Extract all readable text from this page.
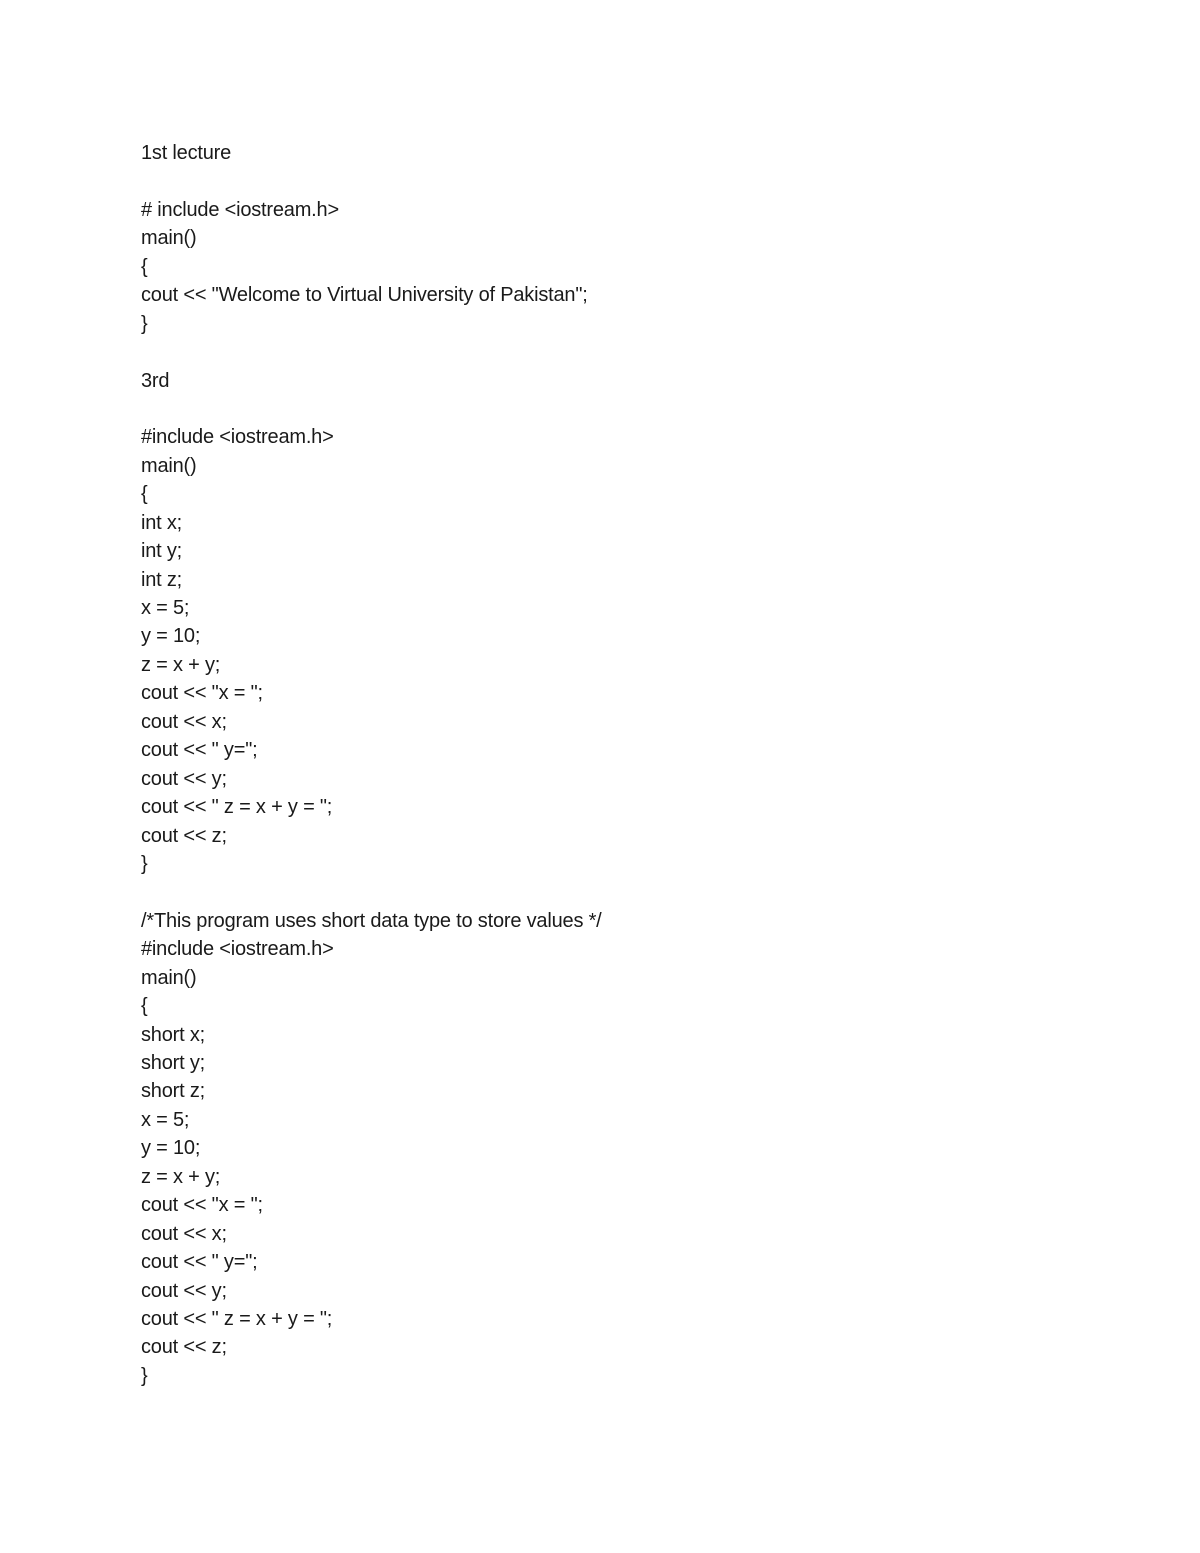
1st lecture
# include <iostream.h>
main()
{
cout << "Welcome to Virtual University of Pakistan";
}
3rd
#include <iostream.h>
main()
{
int x;
int y;
int z;
x = 5;
y = 10;
z = x + y;
cout << "x = ";
cout << x;
cout << " y=";
cout << y;
cout << " z = x + y = ";
cout << z;
}
/*This program uses short data type to store values */
#include <iostream.h>
main()
{
short x;
short y;
short z;
x = 5;
y = 10;
z = x + y;
cout << "x = ";
cout << x;
cout << " y=";
cout << y;
cout << " z = x + y = ";
cout << z;
}
